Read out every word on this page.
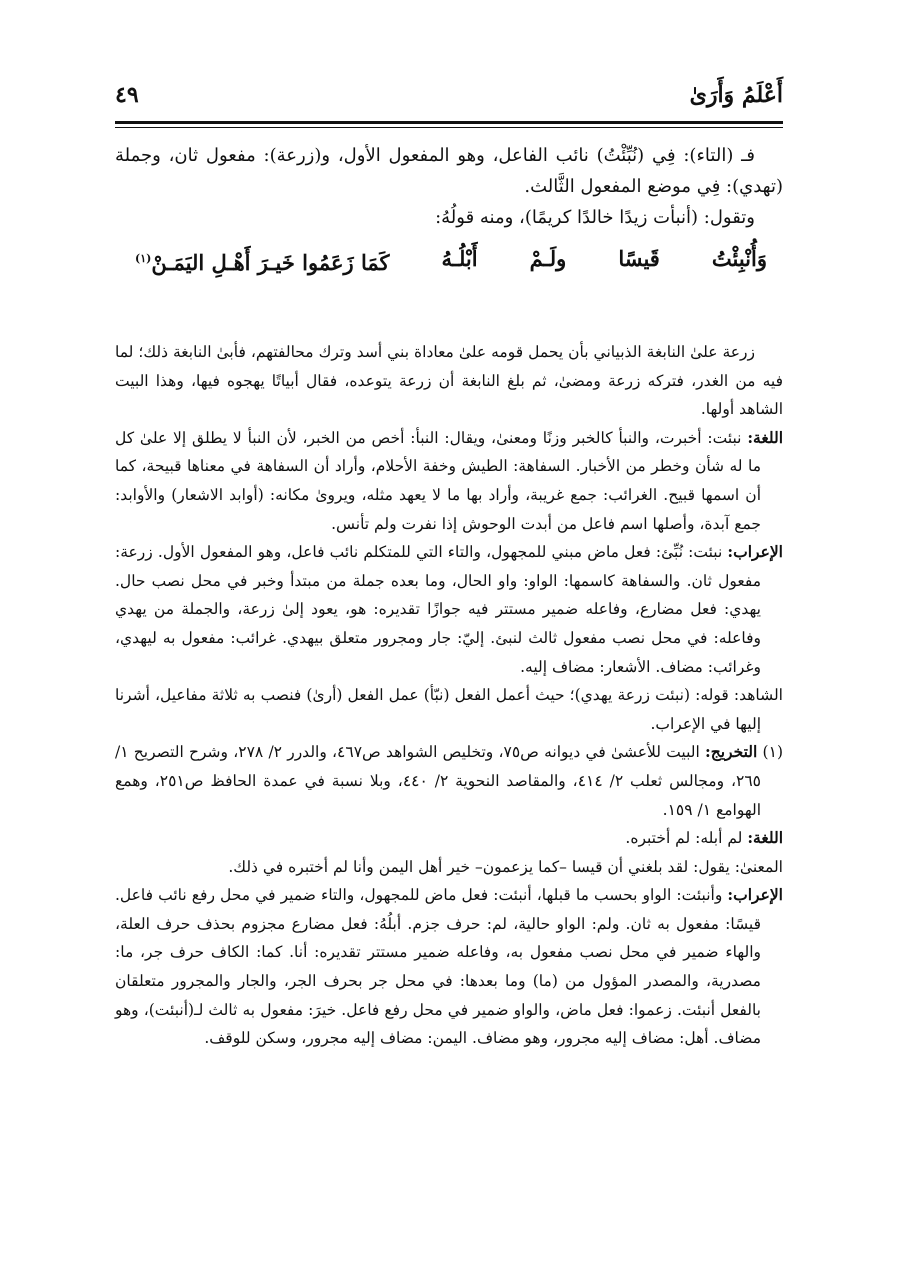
أَعْلَمُ وَأَرَىٰ
٤٩

فـ (التاء): فِي (نُبِّئْتُ) نائب الفاعل، وهو المفعول الأول، و(زرعة): مفعول ثان، وجملة (تهدي): فِي موضع المفعول الثَّالث.

وتقول: (أنبأت زيدًا خالدًا كريمًا)، ومنه قولُهُ:

وَأُنْبِئْتُ
قَيسًا
ولَـمْ
أَبْلُـهُ
كَمَا زَعَمُوا خَيـرَ أَهْـلِ اليَمَـنْ$^{(١)}$

زرعة علىٰ النابغة الذبياني بأن يحمل قومه علىٰ معاداة بني أسد وترك محالفتهم، فأبىٰ النابغة ذلك؛ لما فيه من الغدر، فتركه زرعة ومضىٰ، ثم بلغ النابغة أن زرعة يتوعده، فقال أبياتًا يهجوه فيها، وهذا البيت الشاهد أولها.

اللغة: نبئت: أخبرت، والنبأ كالخبر وزنًا ومعنىٰ، ويقال: النبأ: أخص من الخبر، لأن النبأ لا يطلق إلا علىٰ كل ما له شأن وخطر من الأخبار. السفاهة: الطيش وخفة الأحلام، وأراد أن السفاهة في معناها قبيحة، كما أن اسمها قبيح. الغرائب: جمع غريبة، وأراد بها ما لا يعهد مثله، ويروىٰ مكانه: (أوابد الاشعار) والأوابد: جمع آبدة، وأصلها اسم فاعل من أبدت الوحوش إذا نفرت ولم تأنس.

الإعراب: نبئت: نُبِّئ: فعل ماض مبني للمجهول، والتاء التي للمتكلم نائب فاعل، وهو المفعول الأول. زرعة: مفعول ثان. والسفاهة كاسمها: الواو: واو الحال، وما بعده جملة من مبتدأ وخبر في محل نصب حال. يهدي: فعل مضارع، وفاعله ضمير مستتر فيه جوازًا تقديره: هو، يعود إلىٰ زرعة، والجملة من يهدي وفاعله: في محل نصب مفعول ثالث لنبئ. إليّ: جار ومجرور متعلق بيهدي. غرائب: مفعول به ليهدي، وغرائب: مضاف. الأشعار: مضاف إليه.

الشاهد: قوله: (نبئت زرعة يهدي)؛ حيث أعمل الفعل (نبّأ) عمل الفعل (أرىٰ) فنصب به ثلاثة مفاعيل، أشرنا إليها في الإعراب.

(١) التخريج: البيت للأعشىٰ في ديوانه ص٧٥، وتخليص الشواهد ص٤٦٧، والدرر ٢/ ٢٧٨، وشرح التصريح ١/ ٢٦٥، ومجالس ثعلب ٢/ ٤١٤، والمقاصد النحوية ٢/ ٤٤٠، وبلا نسبة في عمدة الحافظ ص٢٥١، وهمع الهوامع ١/ ١٥٩.

اللغة: لم أبله: لم أختبره.

المعنىٰ: يقول: لقد بلغني أن قيسا –كما يزعمون– خير أهل اليمن وأنا لم أختبره في ذلك.

الإعراب: وأنبئت: الواو بحسب ما قبلها، أنبئت: فعل ماض للمجهول، والتاء ضمير في محل رفع نائب فاعل. قيسًا: مفعول به ثان. ولم: الواو حالية، لم: حرف جزم. أبلُهُ: فعل مضارع مجزوم بحذف حرف العلة، والهاء ضمير في محل نصب مفعول به، وفاعله ضمير مستتر تقديره: أنا. كما: الكاف حرف جر، ما: مصدرية، والمصدر المؤول من (ما) وما بعدها: في محل جر بحرف الجر، والجار والمجرور متعلقان بالفعل أنبئت. زعموا: فعل ماض، والواو ضمير في محل رفع فاعل. خيرَ: مفعول به ثالث لـ(أنبئت)، وهو مضاف. أهل: مضاف إليه مجرور، وهو مضاف. اليمن: مضاف إليه مجرور، وسكن للوقف.
